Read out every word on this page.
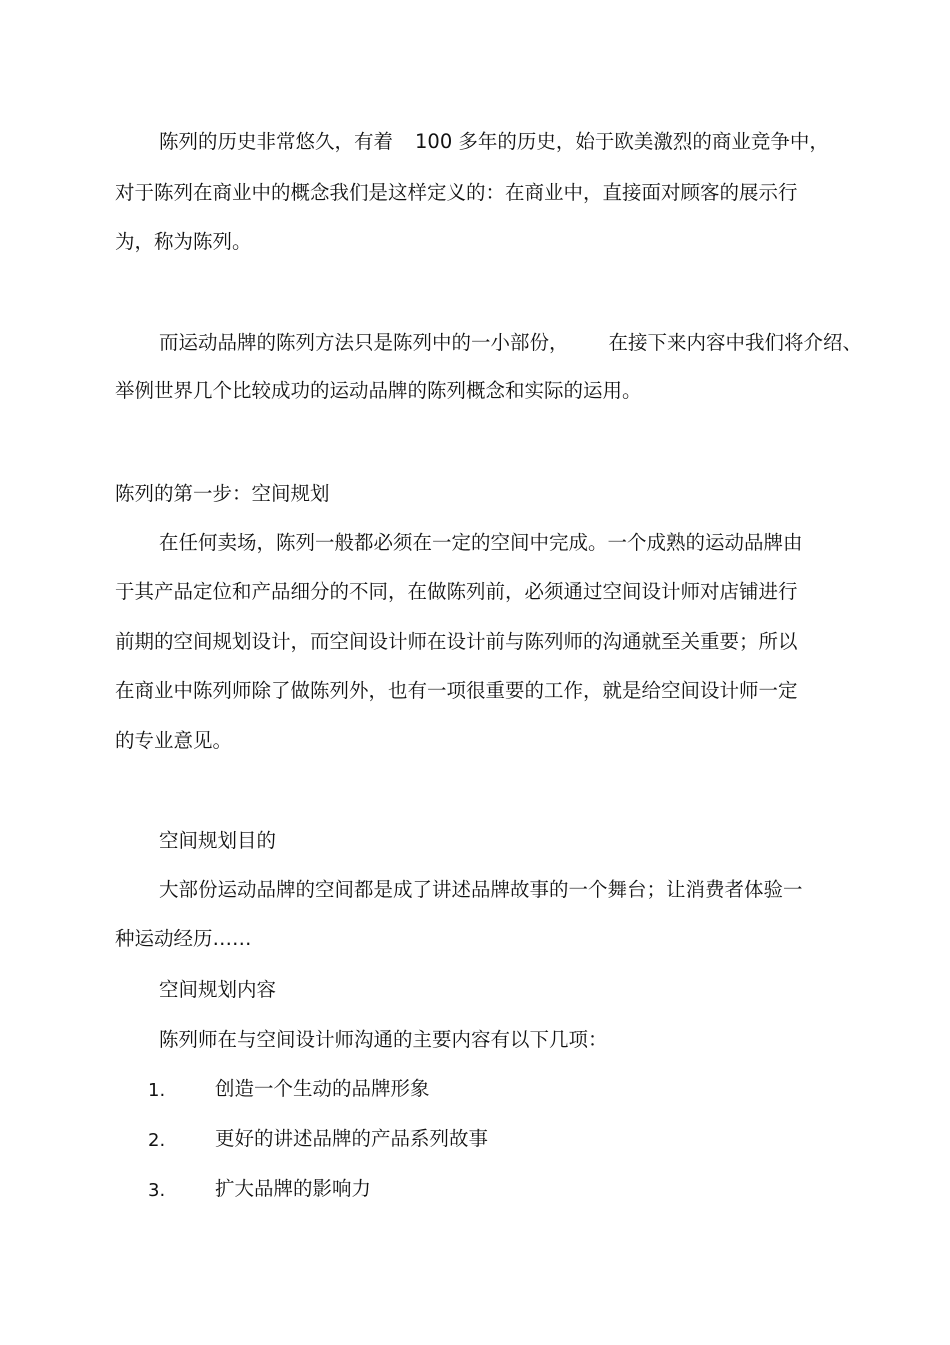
陈列的历史非常悠久，有着 100 多年的历史，始于欧美激烈的商业竞争中，
对于陈列在商业中的概念我们是这样定义的：在商业中，直接面对顾客的展示行
为，称为陈列。
而运动品牌的陈列方法只是陈列中的一小部份， 在接下来内容中我们将介绍、
举例世界几个比较成功的运动品牌的陈列概念和实际的运用。
陈列的第一步：空间规划
在任何卖场，陈列一般都必须在一定的空间中完成。一个成熟的运动品牌由
于其产品定位和产品细分的不同，在做陈列前，必须通过空间设计师对店铺进行
前期的空间规划设计，而空间设计师在设计前与陈列师的沟通就至关重要；所以
在商业中陈列师除了做陈列外，也有一项很重要的工作，就是给空间设计师一定
的专业意见。
空间规划目的
大部份运动品牌的空间都是成了讲述品牌故事的一个舞台；让消费者体验一
种运动经历……
空间规划内容
陈列师在与空间设计师沟通的主要内容有以下几项：
1.	创造一个生动的品牌形象
2.	更好的讲述品牌的产品系列故事
3.	扩大品牌的影响力
